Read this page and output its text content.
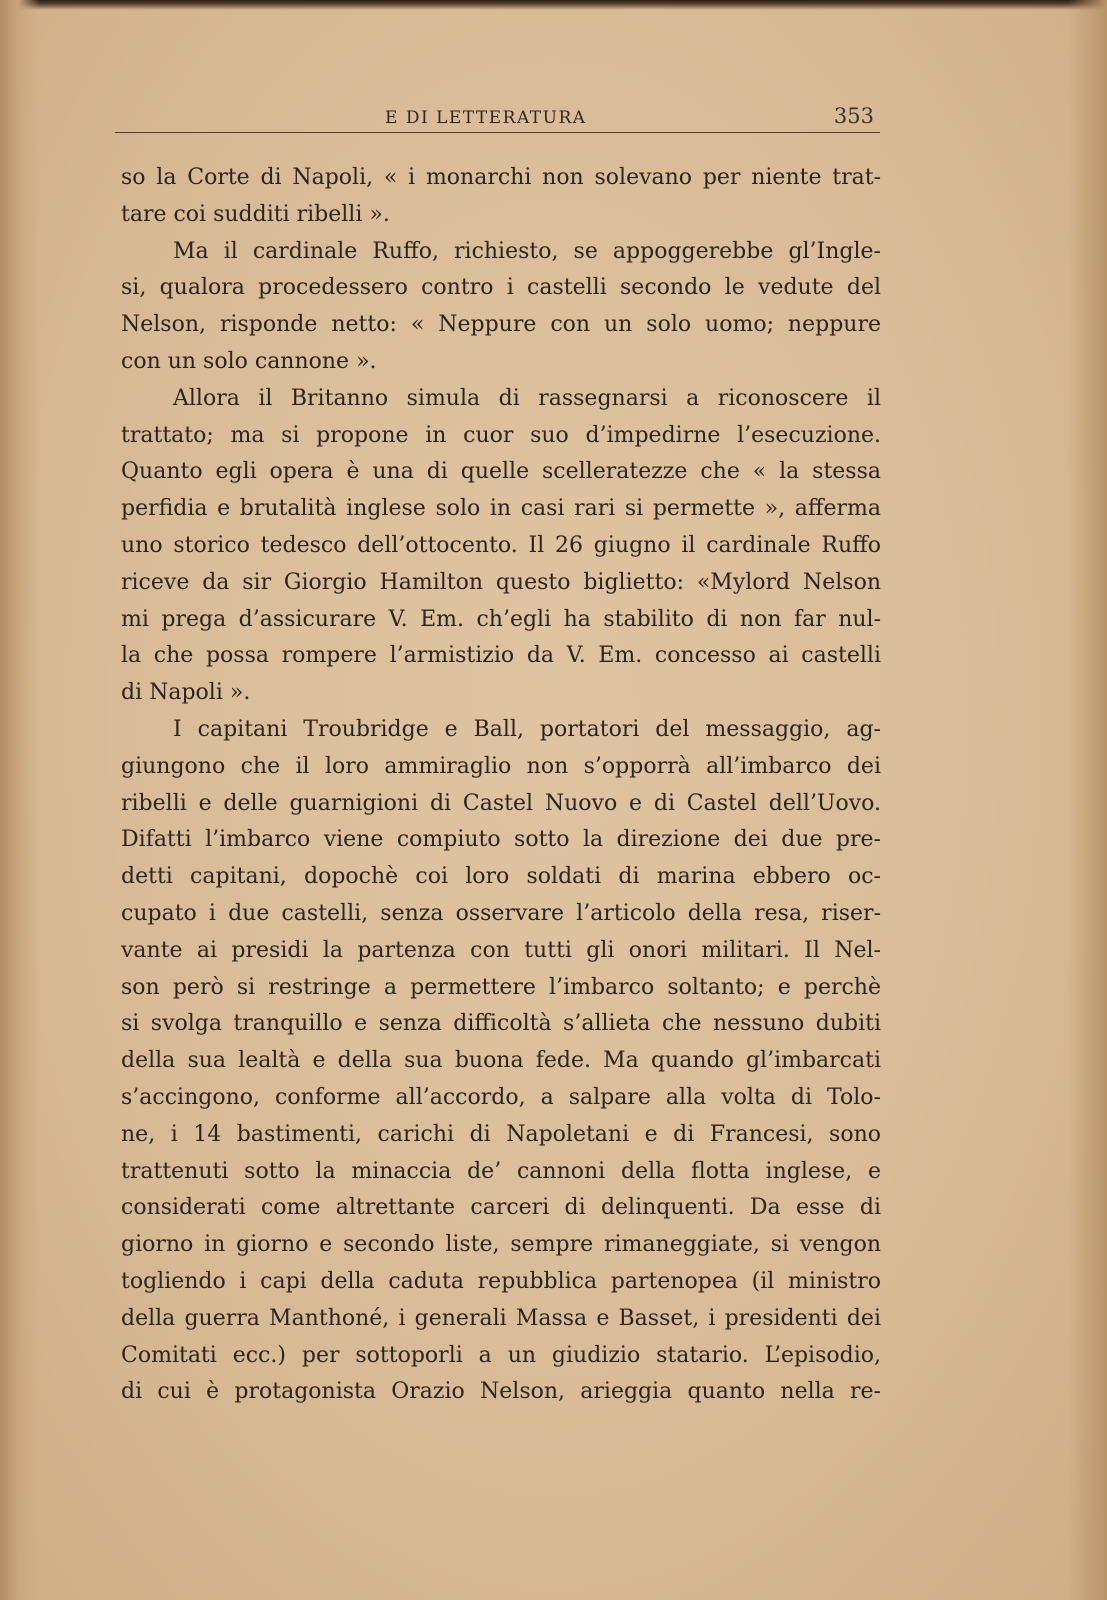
E DI LETTERATURA	353
so la Corte di Napoli, « i monarchi non solevano per niente trat-
tare coi sudditi ribelli ».
Ma il cardinale Ruffo, richiesto, se appoggerebbe gl’Ingle-
si, qualora procedessero contro i castelli secondo le vedute del
Nelson, risponde netto: « Neppure con un solo uomo; neppure
con un solo cannone ».
Allora il Britanno simula di rassegnarsi a riconoscere il
trattato; ma si propone in cuor suo d’impedirne l’esecuzione.
Quanto egli opera è una di quelle scelleratezze che « la stessa
perfidia e brutalità inglese solo in casi rari si permette », afferma
uno storico tedesco dell’ottocento. Il 26 giugno il cardinale Ruffo
riceve da sir Giorgio Hamilton questo biglietto: «Mylord Nelson
mi prega d’assicurare V. Em. ch’egli ha stabilito di non far nul-
la che possa rompere l’armistizio da V. Em. concesso ai castelli
di Napoli ».
I capitani Troubridge e Ball, portatori del messaggio, ag-
giungono che il loro ammiraglio non s’opporrà all’imbarco dei
ribelli e delle guarnigioni di Castel Nuovo e di Castel dell’Uovo.
Difatti l’imbarco viene compiuto sotto la direzione dei due pre-
detti capitani, dopochè coi loro soldati di marina ebbero oc-
cupato i due castelli, senza osservare l’articolo della resa, riser-
vante ai presidi la partenza con tutti gli onori militari. Il Nel-
son però si restringe a permettere l’imbarco soltanto; e perchè
si svolga tranquillo e senza difficoltà s’allieta che nessuno dubiti
della sua lealtà e della sua buona fede. Ma quando gl’imbarcati
s’accingono, conforme all’accordo, a salpare alla volta di Tolo-
ne, i 14 bastimenti, carichi di Napoletani e di Francesi, sono
trattenuti sotto la minaccia de’ cannoni della flotta inglese, e
considerati come altrettante carceri di delinquenti. Da esse di
giorno in giorno e secondo liste, sempre rimaneggiate, si vengon
togliendo i capi della caduta repubblica partenopea (il ministro
della guerra Manthoné, i generali Massa e Basset, i presidenti dei
Comitati ecc.) per sottoporli a un giudizio statario. L’episodio,
di cui è protagonista Orazio Nelson, arieggia quanto nella re-
